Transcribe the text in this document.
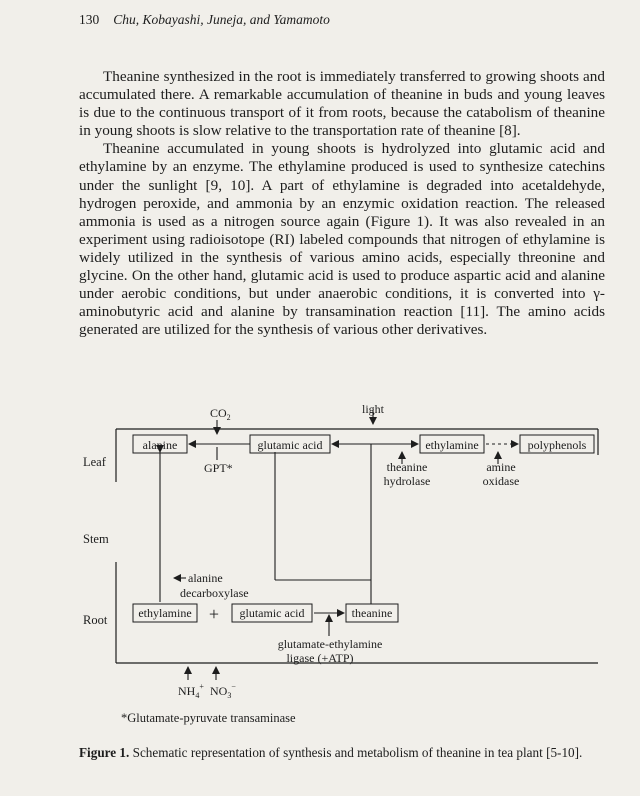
130 Chu, Kobayashi, Juneja, and Yamamoto

Theanine synthesized in the root is immediately transferred to growing shoots and accumulated there. A remarkable accumulation of theanine in buds and young leaves is due to the continuous transport of it from roots, because the catabolism of theanine in young shoots is slow relative to the transportation rate of theanine [8].

Theanine accumulated in young shoots is hydrolyzed into glutamic acid and ethylamine by an enzyme. The ethylamine produced is used to synthesize catechins under the sunlight [9, 10]. A part of ethylamine is degraded into acetaldehyde, hydrogen peroxide, and ammonia by an enzymic oxidation reaction. The released ammonia is used as a nitrogen source again (Figure 1). It was also revealed in an experiment using radioisotope (RI) labeled compounds that nitrogen of ethylamine is widely utilized in the synthesis of various amino acids, especially threonine and glycine. On the other hand, glutamic acid is used to produce aspartic acid and alanine under aerobic conditions, but under anaerobic conditions, it is converted into γ-aminobutyric acid and alanine by transamination reaction [11]. The amino acids generated are utilized for the synthesis of various other derivatives.

alanine	glutamic acid	ethylamine	polyphenols
$CO_2$
light
GPT*	theanine
hydrolase
amine
oxidase
Leaf
Stem
Root
alanine
decarboxylase
ethylamine + glutamic acid	theanine
glutamate-ethylamine
ligase (+ATP)
$NH_4^+$ $NO_3^-$
*Glutamate-pyruvate transaminase
Figure 1. Schematic representation of synthesis and metabolism of theanine in tea plant [5-10].
